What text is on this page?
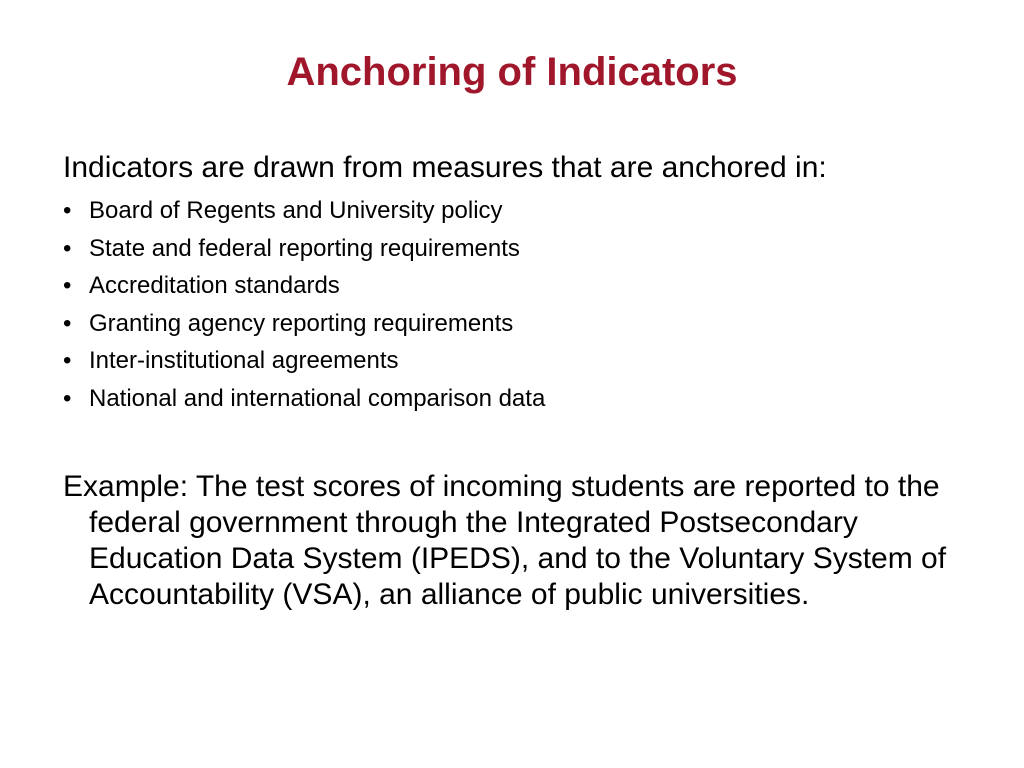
Anchoring of Indicators

Indicators are drawn from measures that are anchored in:

• Board of Regents and University policy
• State and federal reporting requirements
• Accreditation standards
• Granting agency reporting requirements
• Inter-institutional agreements
• National and international comparison data

Example: The test scores of incoming students are reported to the federal government through the Integrated Postsecondary Education Data System (IPEDS), and to the Voluntary System of Accountability (VSA), an alliance of public universities.
